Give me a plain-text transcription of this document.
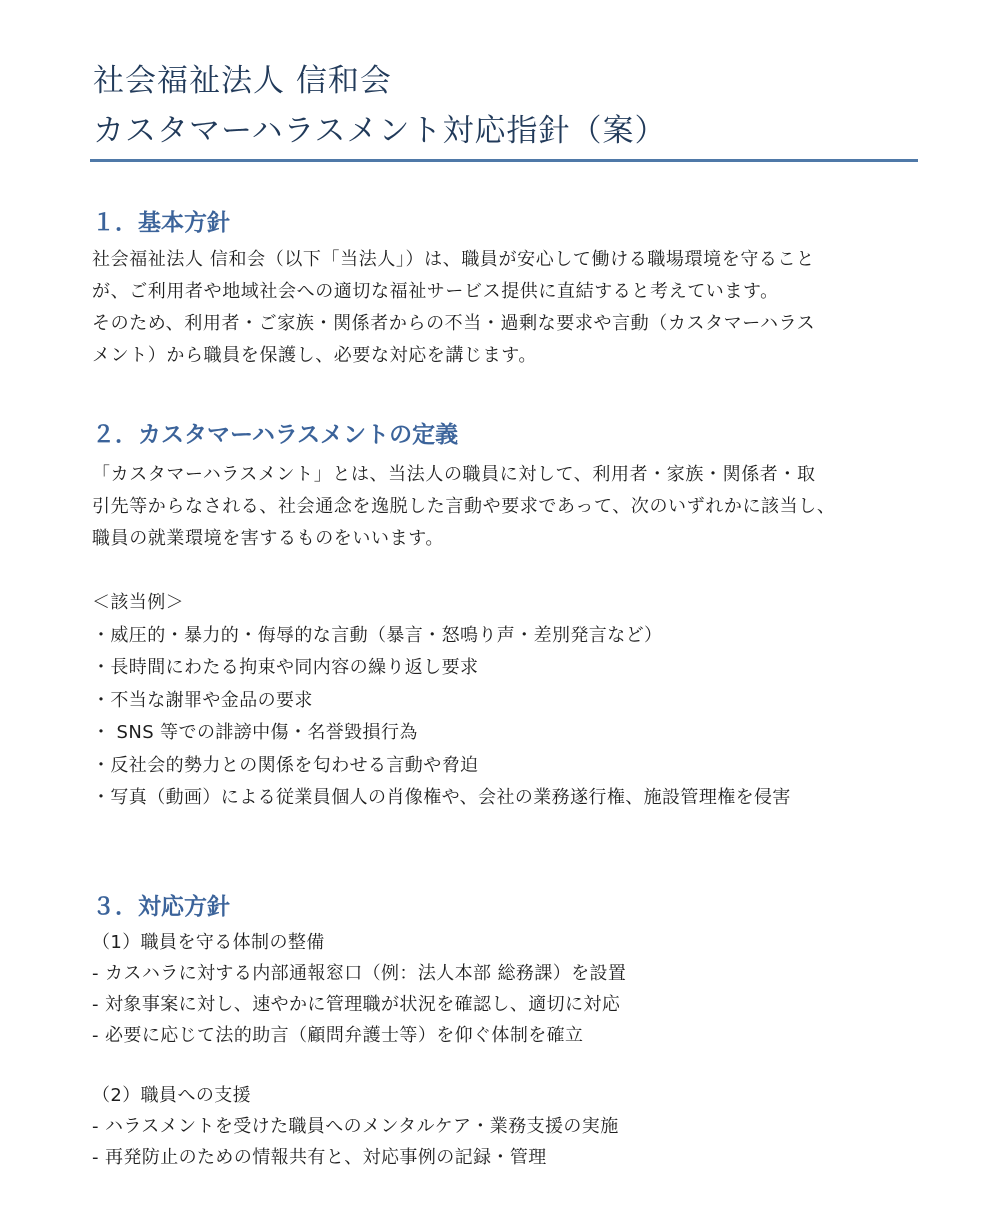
社会福祉法人 信和会
カスタマーハラスメント対応指針（案）
１．基本方針
社会福祉法人 信和会（以下「当法人」）は、職員が安心して働ける職場環境を守ること
が、ご利用者や地域社会への適切な福祉サービス提供に直結すると考えています。
そのため、利用者・ご家族・関係者からの不当・過剰な要求や言動（カスタマーハラス
メント）から職員を保護し、必要な対応を講じます。
２．カスタマーハラスメントの定義
「カスタマーハラスメント」とは、当法人の職員に対して、利用者・家族・関係者・取
引先等からなされる、社会通念を逸脱した言動や要求であって、次のいずれかに該当し、
職員の就業環境を害するものをいいます。
＜該当例＞
・威圧的・暴力的・侮辱的な言動（暴言・怒鳴り声・差別発言など）
・長時間にわたる拘束や同内容の繰り返し要求
・不当な謝罪や金品の要求
・ SNS 等での誹謗中傷・名誉毀損行為
・反社会的勢力との関係を匂わせる言動や脅迫
・写真（動画）による従業員個人の肖像権や、会社の業務遂行権、施設管理権を侵害
３．対応方針
（1）職員を守る体制の整備
- カスハラに対する内部通報窓口（例：法人本部 総務課）を設置
- 対象事案に対し、速やかに管理職が状況を確認し、適切に対応
- 必要に応じて法的助言（顧問弁護士等）を仰ぐ体制を確立
（2）職員への支援
- ハラスメントを受けた職員へのメンタルケア・業務支援の実施
- 再発防止のための情報共有と、対応事例の記録・管理
